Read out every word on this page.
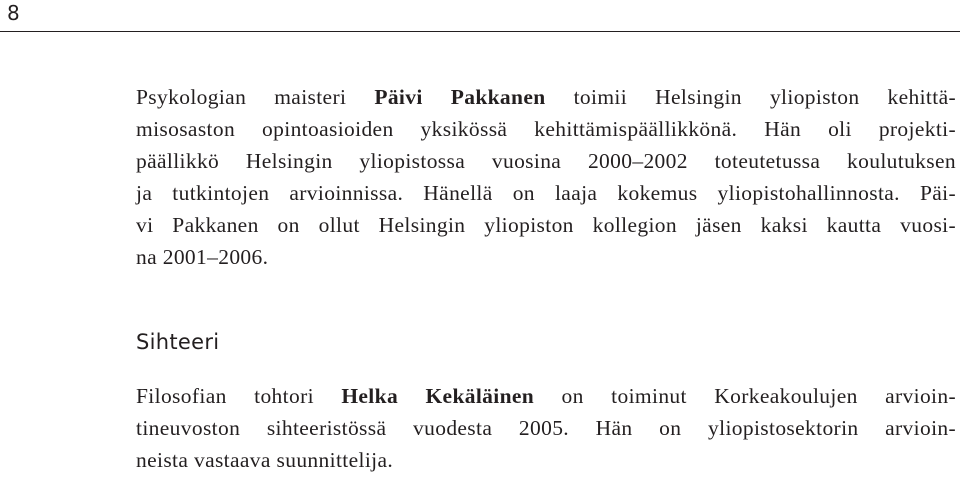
8
Psykologian maisteri Päivi Pakkanen toimii Helsingin yliopiston kehittä-
misosaston opintoasioiden yksikössä kehittämispäällikkönä. Hän oli projekti-
päällikkö Helsingin yliopistossa vuosina 2000–2002 toteutetussa koulutuksen
ja tutkintojen arvioinnissa. Hänellä on laaja kokemus yliopistohallinnosta. Päi-
vi Pakkanen on ollut Helsingin yliopiston kollegion jäsen kaksi kautta vuosi-
na 2001–2006.
Sihteeri
Filosofian tohtori Helka Kekäläinen on toiminut Korkeakoulujen arvioin-
tineuvoston sihteeristössä vuodesta 2005. Hän on yliopistosektorin arvioin-
neista vastaava suunnittelija.
